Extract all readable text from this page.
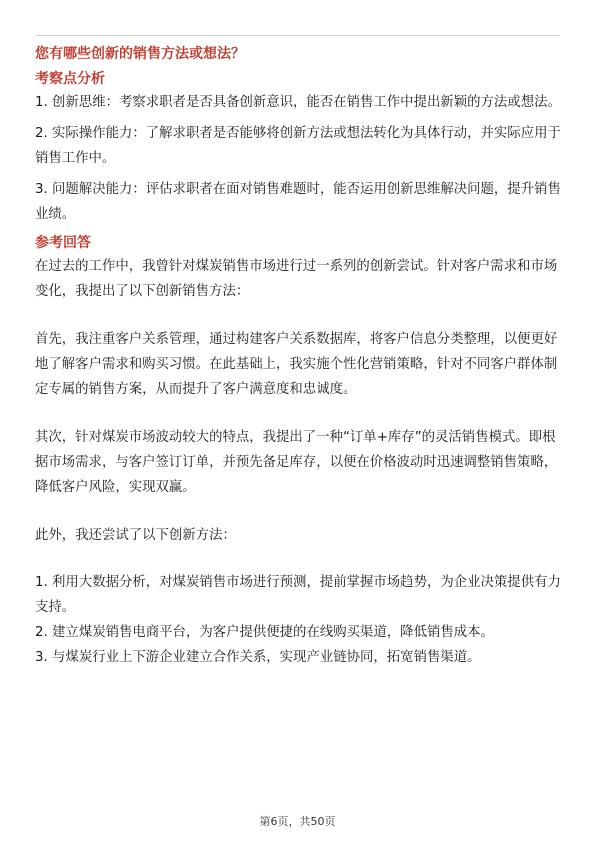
您有哪些创新的销售方法或想法？

考察点分析

1. 创新思维：考察求职者是否具备创新意识，能否在销售工作中提出新颖的方法或想法。

2. 实际操作能力：了解求职者是否能够将创新方法或想法转化为具体行动，并实际应用于销售工作中。

3. 问题解决能力：评估求职者在面对销售难题时，能否运用创新思维解决问题，提升销售业绩。

参考回答

在过去的工作中，我曾针对煤炭销售市场进行过一系列的创新尝试。针对客户需求和市场变化，我提出了以下创新销售方法：

首先，我注重客户关系管理，通过构建客户关系数据库，将客户信息分类整理，以便更好地了解客户需求和购买习惯。在此基础上，我实施个性化营销策略，针对不同客户群体制定专属的销售方案，从而提升了客户满意度和忠诚度。

其次，针对煤炭市场波动较大的特点，我提出了一种“订单+库存”的灵活销售模式。即根据市场需求，与客户签订订单，并预先备足库存，以便在价格波动时迅速调整销售策略，降低客户风险，实现双赢。

此外，我还尝试了以下创新方法：

1. 利用大数据分析，对煤炭销售市场进行预测，提前掌握市场趋势，为企业决策提供有力支持。

2. 建立煤炭销售电商平台，为客户提供便捷的在线购买渠道，降低销售成本。

3. 与煤炭行业上下游企业建立合作关系，实现产业链协同，拓宽销售渠道。

第6页，共50页
